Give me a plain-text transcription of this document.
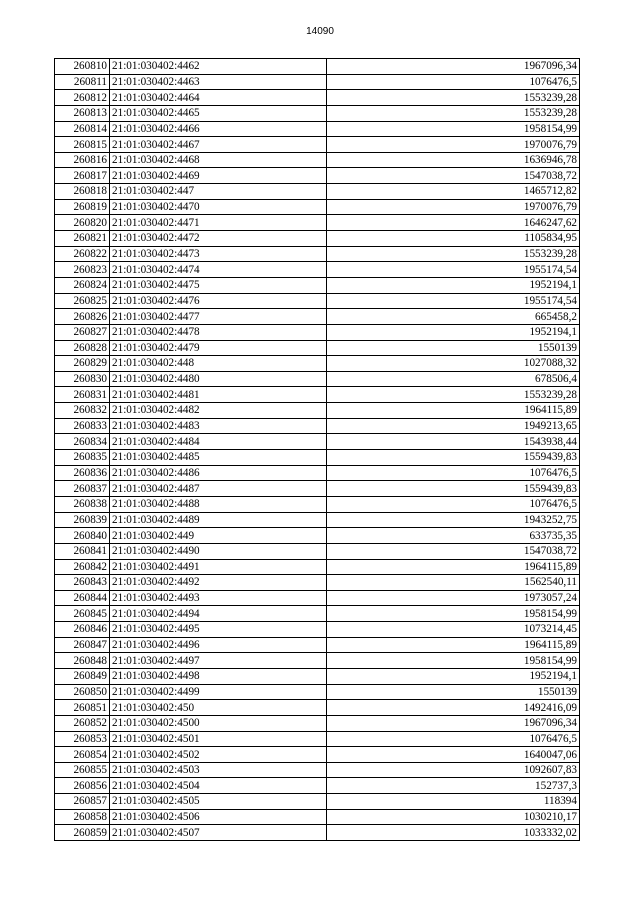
14090
260810	21:01:030402:4462	1967096,34
260811	21:01:030402:4463	1076476,5
260812	21:01:030402:4464	1553239,28
260813	21:01:030402:4465	1553239,28
260814	21:01:030402:4466	1958154,99
260815	21:01:030402:4467	1970076,79
260816	21:01:030402:4468	1636946,78
260817	21:01:030402:4469	1547038,72
260818	21:01:030402:447	1465712,82
260819	21:01:030402:4470	1970076,79
260820	21:01:030402:4471	1646247,62
260821	21:01:030402:4472	1105834,95
260822	21:01:030402:4473	1553239,28
260823	21:01:030402:4474	1955174,54
260824	21:01:030402:4475	1952194,1
260825	21:01:030402:4476	1955174,54
260826	21:01:030402:4477	665458,2
260827	21:01:030402:4478	1952194,1
260828	21:01:030402:4479	1550139
260829	21:01:030402:448	1027088,32
260830	21:01:030402:4480	678506,4
260831	21:01:030402:4481	1553239,28
260832	21:01:030402:4482	1964115,89
260833	21:01:030402:4483	1949213,65
260834	21:01:030402:4484	1543938,44
260835	21:01:030402:4485	1559439,83
260836	21:01:030402:4486	1076476,5
260837	21:01:030402:4487	1559439,83
260838	21:01:030402:4488	1076476,5
260839	21:01:030402:4489	1943252,75
260840	21:01:030402:449	633735,35
260841	21:01:030402:4490	1547038,72
260842	21:01:030402:4491	1964115,89
260843	21:01:030402:4492	1562540,11
260844	21:01:030402:4493	1973057,24
260845	21:01:030402:4494	1958154,99
260846	21:01:030402:4495	1073214,45
260847	21:01:030402:4496	1964115,89
260848	21:01:030402:4497	1958154,99
260849	21:01:030402:4498	1952194,1
260850	21:01:030402:4499	1550139
260851	21:01:030402:450	1492416,09
260852	21:01:030402:4500	1967096,34
260853	21:01:030402:4501	1076476,5
260854	21:01:030402:4502	1640047,06
260855	21:01:030402:4503	1092607,83
260856	21:01:030402:4504	152737,3
260857	21:01:030402:4505	118394
260858	21:01:030402:4506	1030210,17
260859	21:01:030402:4507	1033332,02
